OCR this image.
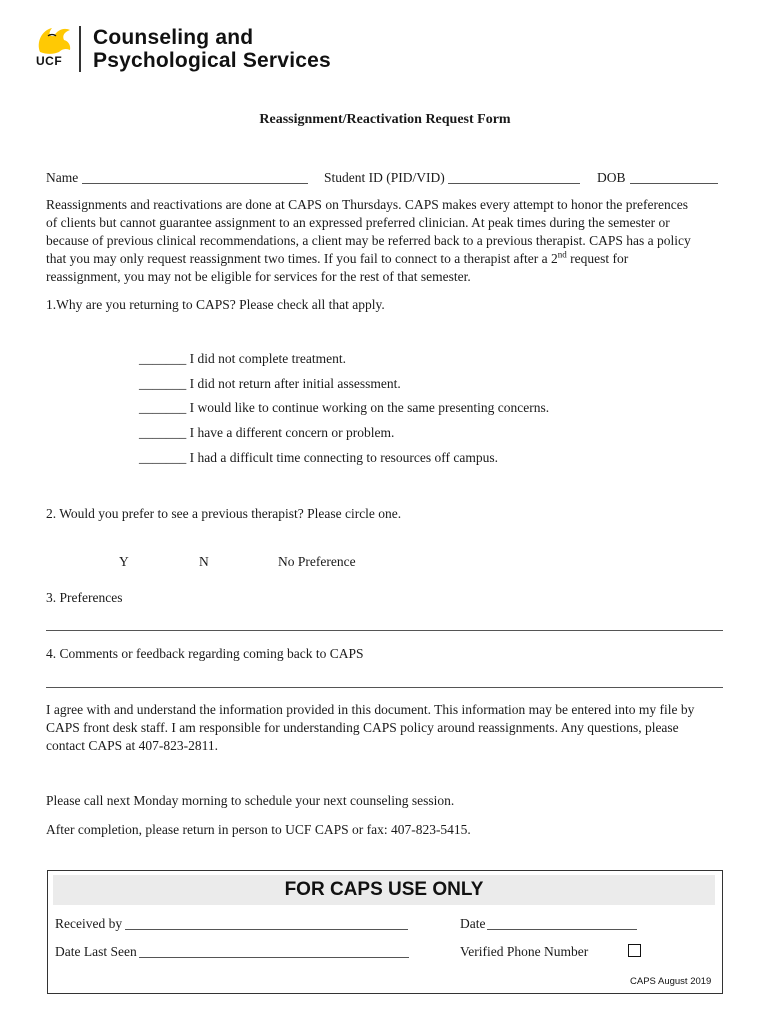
UCF
Counseling and
Psychological Services
Reassignment/Reactivation Request Form
Name	Student ID (PID/VID)	DOB
Reassignments and reactivations are done at CAPS on Thursdays. CAPS makes every attempt to honor the preferences
of clients but cannot guarantee assignment to an expressed preferred clinician. At peak times during the semester or
because of previous clinical recommendations, a client may be referred back to a previous therapist. CAPS has a policy
that you may only request reassignment two times. If you fail to connect to a therapist after a 2nd request for
reassignment, you may not be eligible for services for the rest of that semester.
1.Why are you returning to CAPS? Please check all that apply.
_______ I did not complete treatment.
_______ I did not return after initial assessment.
_______ I would like to continue working on the same presenting concerns.
_______ I have a different concern or problem.
_______ I had a difficult time connecting to resources off campus.
2. Would you prefer to see a previous therapist? Please circle one.
Y	N	No Preference
3. Preferences
4. Comments or feedback regarding coming back to CAPS
I agree with and understand the information provided in this document. This information may be entered into my file by
CAPS front desk staff. I am responsible for understanding CAPS policy around reassignments. Any questions, please
contact CAPS at 407-823-2811.
Please call next Monday morning to schedule your next counseling session.
After completion, please return in person to UCF CAPS or fax: 407-823-5415.
FOR CAPS USE ONLY
Received by	Date
Date Last Seen	Verified Phone Number
CAPS August 2019
